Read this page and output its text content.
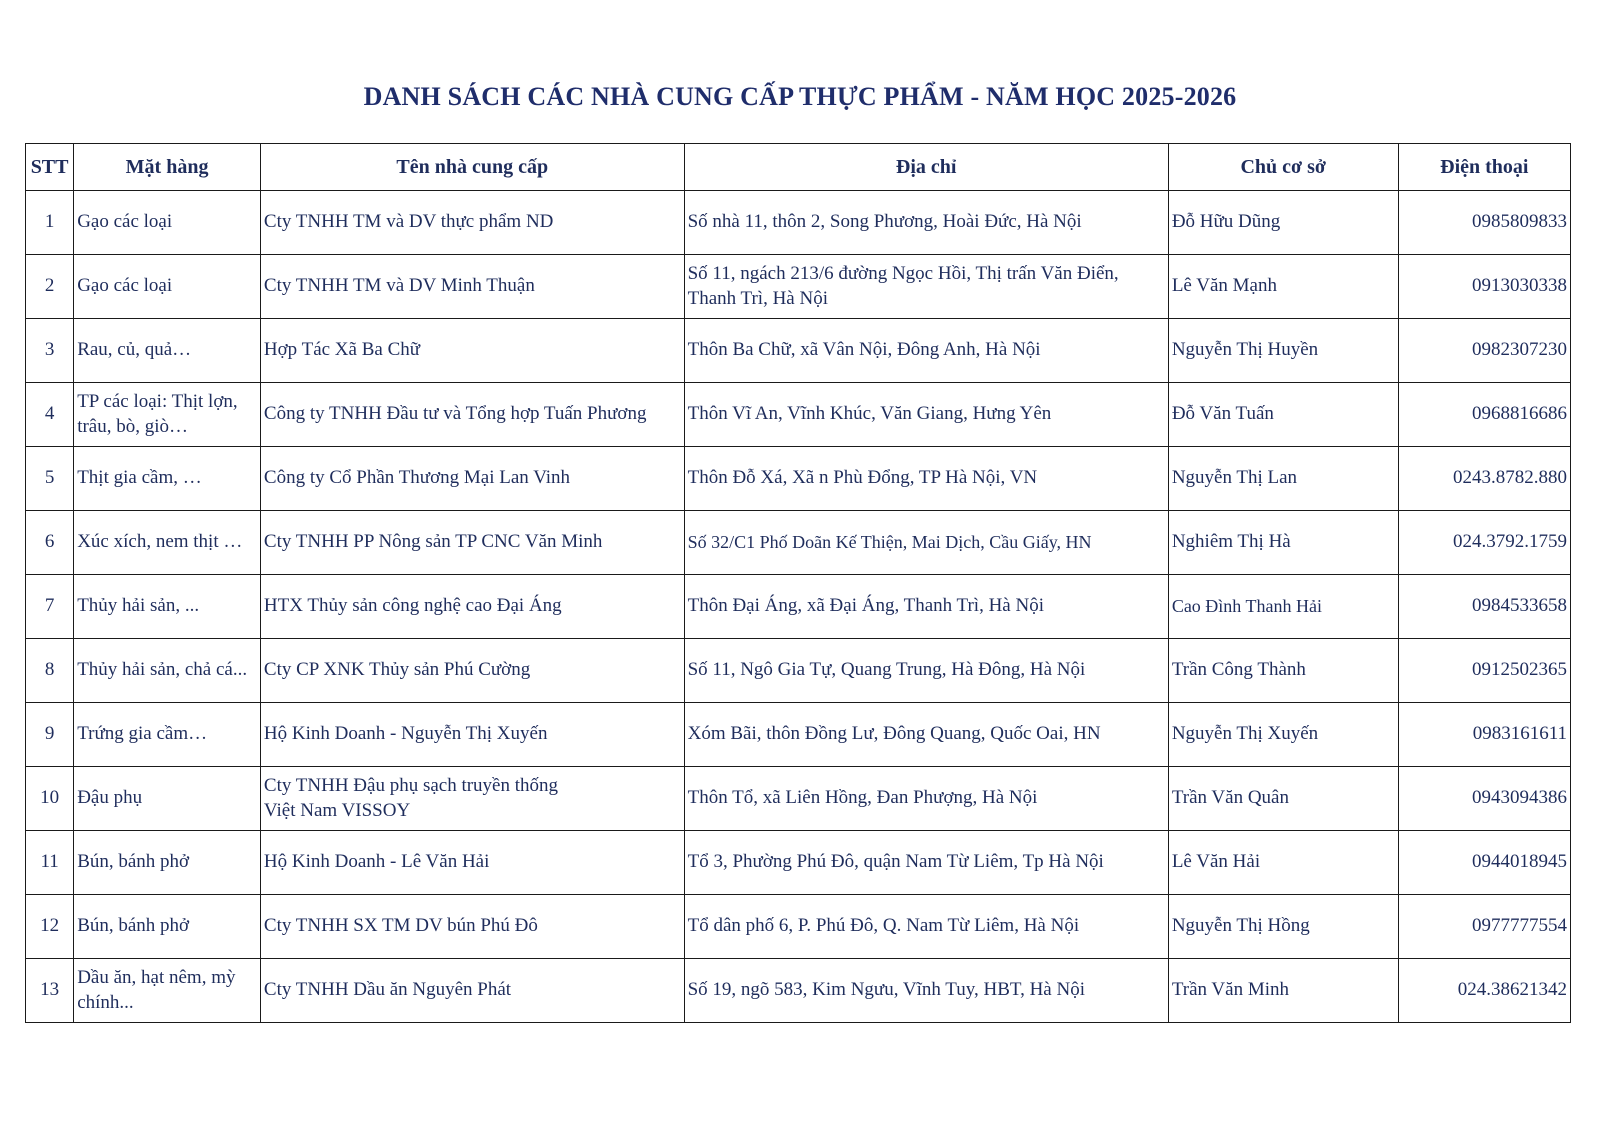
DANH SÁCH CÁC NHÀ CUNG CẤP THỰC PHẨM - NĂM HỌC 2025-2026
STT	Mặt hàng	Tên nhà cung cấp	Địa chỉ	Chủ cơ sở	Điện thoại
1	Gạo các loại	Cty TNHH TM và DV thực phẩm ND	Số nhà 11, thôn 2, Song Phương, Hoài Đức, Hà Nội	Đỗ Hữu Dũng	0985809833
2	Gạo các loại	Cty TNHH TM và DV Minh Thuận	Số 11, ngách 213/6 đường Ngọc Hồi, Thị trấn Văn Điển,
Thanh Trì, Hà Nội	Lê Văn Mạnh	0913030338
3	Rau, củ, quả…	Hợp Tác Xã Ba Chữ	Thôn Ba Chữ, xã Vân Nội, Đông Anh, Hà Nội	Nguyễn Thị Huyền	0982307230
4	TP các loại: Thịt lợn,
trâu, bò, giò…	Công ty TNHH Đầu tư và Tổng hợp Tuấn Phương	Thôn Vĩ An, Vĩnh Khúc, Văn Giang, Hưng Yên	Đỗ Văn Tuấn	0968816686
5	Thịt gia cầm, …	Công ty Cổ Phần Thương Mại Lan Vinh	Thôn Đỗ Xá, Xã n Phù Đổng, TP Hà Nội, VN	Nguyễn Thị Lan	0243.8782.880
6	Xúc xích, nem thịt …	Cty TNHH PP Nông sản TP CNC Văn Minh	Số 32/C1 Phố Doãn Kế Thiện, Mai Dịch, Cầu Giấy, HN	Nghiêm Thị Hà	024.3792.1759
7	Thủy hải sản, ...	HTX Thủy sản công nghệ cao Đại Áng	Thôn Đại Áng, xã Đại Áng, Thanh Trì, Hà Nội	Cao Đình Thanh Hải	0984533658
8	Thủy hải sản, chả cá...	Cty CP XNK Thủy sản Phú Cường	Số 11, Ngô Gia Tự, Quang Trung, Hà Đông, Hà Nội	Trần Công Thành	0912502365
9	Trứng gia cầm…	Hộ Kinh Doanh - Nguyễn Thị Xuyến	Xóm Bãi, thôn Đồng Lư, Đông Quang, Quốc Oai, HN	Nguyễn Thị Xuyến	0983161611
10	Đậu phụ	Cty TNHH Đậu phụ sạch truyền thống
Việt Nam VISSOY	Thôn Tổ, xã Liên Hồng, Đan Phượng, Hà Nội	Trần Văn Quân	0943094386
11	Bún, bánh phở	Hộ Kinh Doanh - Lê Văn Hải	Tổ 3, Phường Phú Đô, quận Nam Từ Liêm, Tp Hà Nội	Lê Văn Hải	0944018945
12	Bún, bánh phở	Cty TNHH SX TM DV bún Phú Đô	Tổ dân phố 6, P. Phú Đô, Q. Nam Từ Liêm, Hà Nội	Nguyễn Thị Hồng	0977777554
13	Dầu ăn, hạt nêm, mỳ
chính...	Cty TNHH Dầu ăn Nguyên Phát	Số 19, ngõ 583, Kim Ngưu, Vĩnh Tuy, HBT, Hà Nội	Trần Văn Minh	024.38621342
